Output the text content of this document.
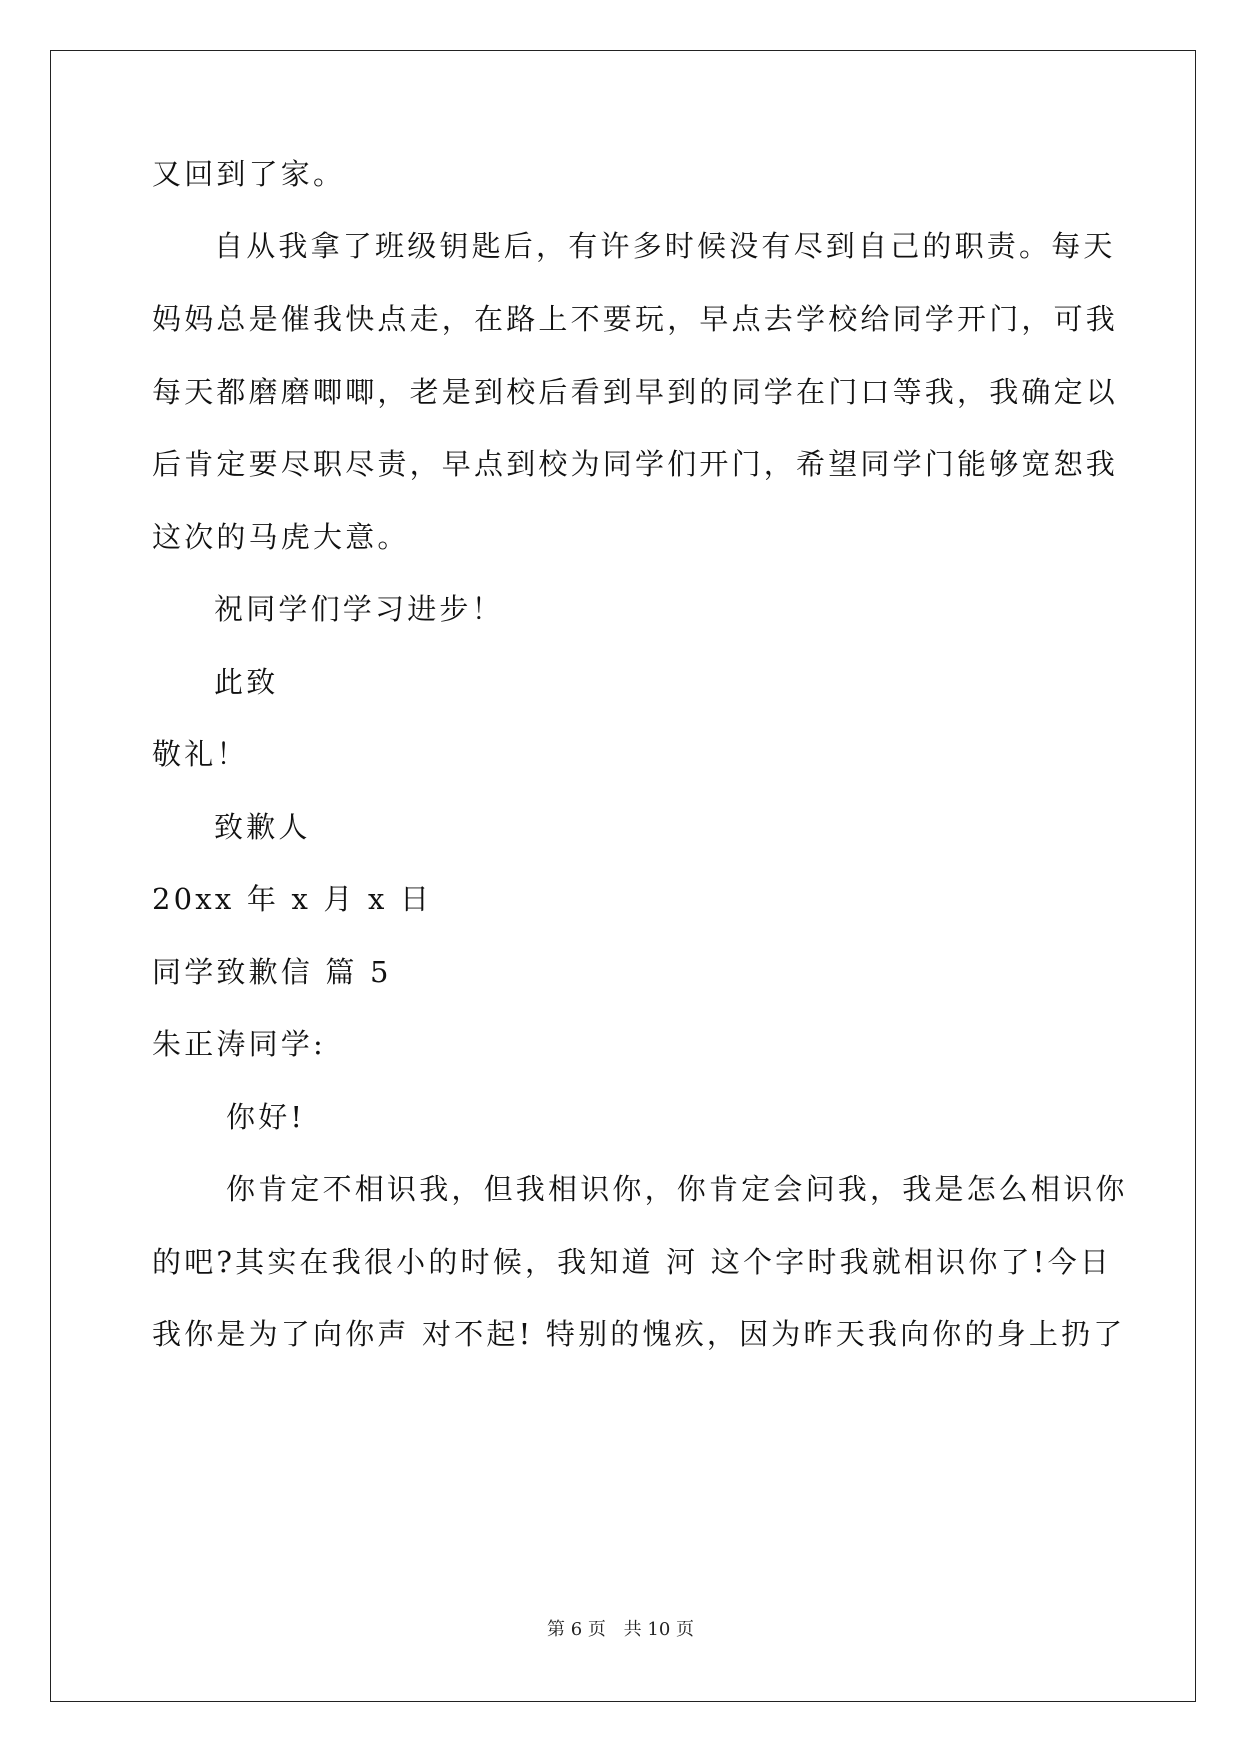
又回到了家。
自从我拿了班级钥匙后，有许多时候没有尽到自己的职责。每天
妈妈总是催我快点走，在路上不要玩，早点去学校给同学开门，可我
每天都磨磨唧唧，老是到校后看到早到的同学在门口等我，我确定以
后肯定要尽职尽责，早点到校为同学们开门，希望同学门能够宽恕我
这次的马虎大意。
祝同学们学习进步！
此致
敬礼！
致歉人
20xx 年 x 月 x 日
同学致歉信 篇 5
朱正涛同学:
你好!
你肯定不相识我，但我相识你，你肯定会问我，我是怎么相识你
的吧?其实在我很小的时候，我知道 河 这个字时我就相识你了!今日
我你是为了向你声 对不起! 特别的愧疚，因为昨天我向你的身上扔了
第 6 页 共 10 页
